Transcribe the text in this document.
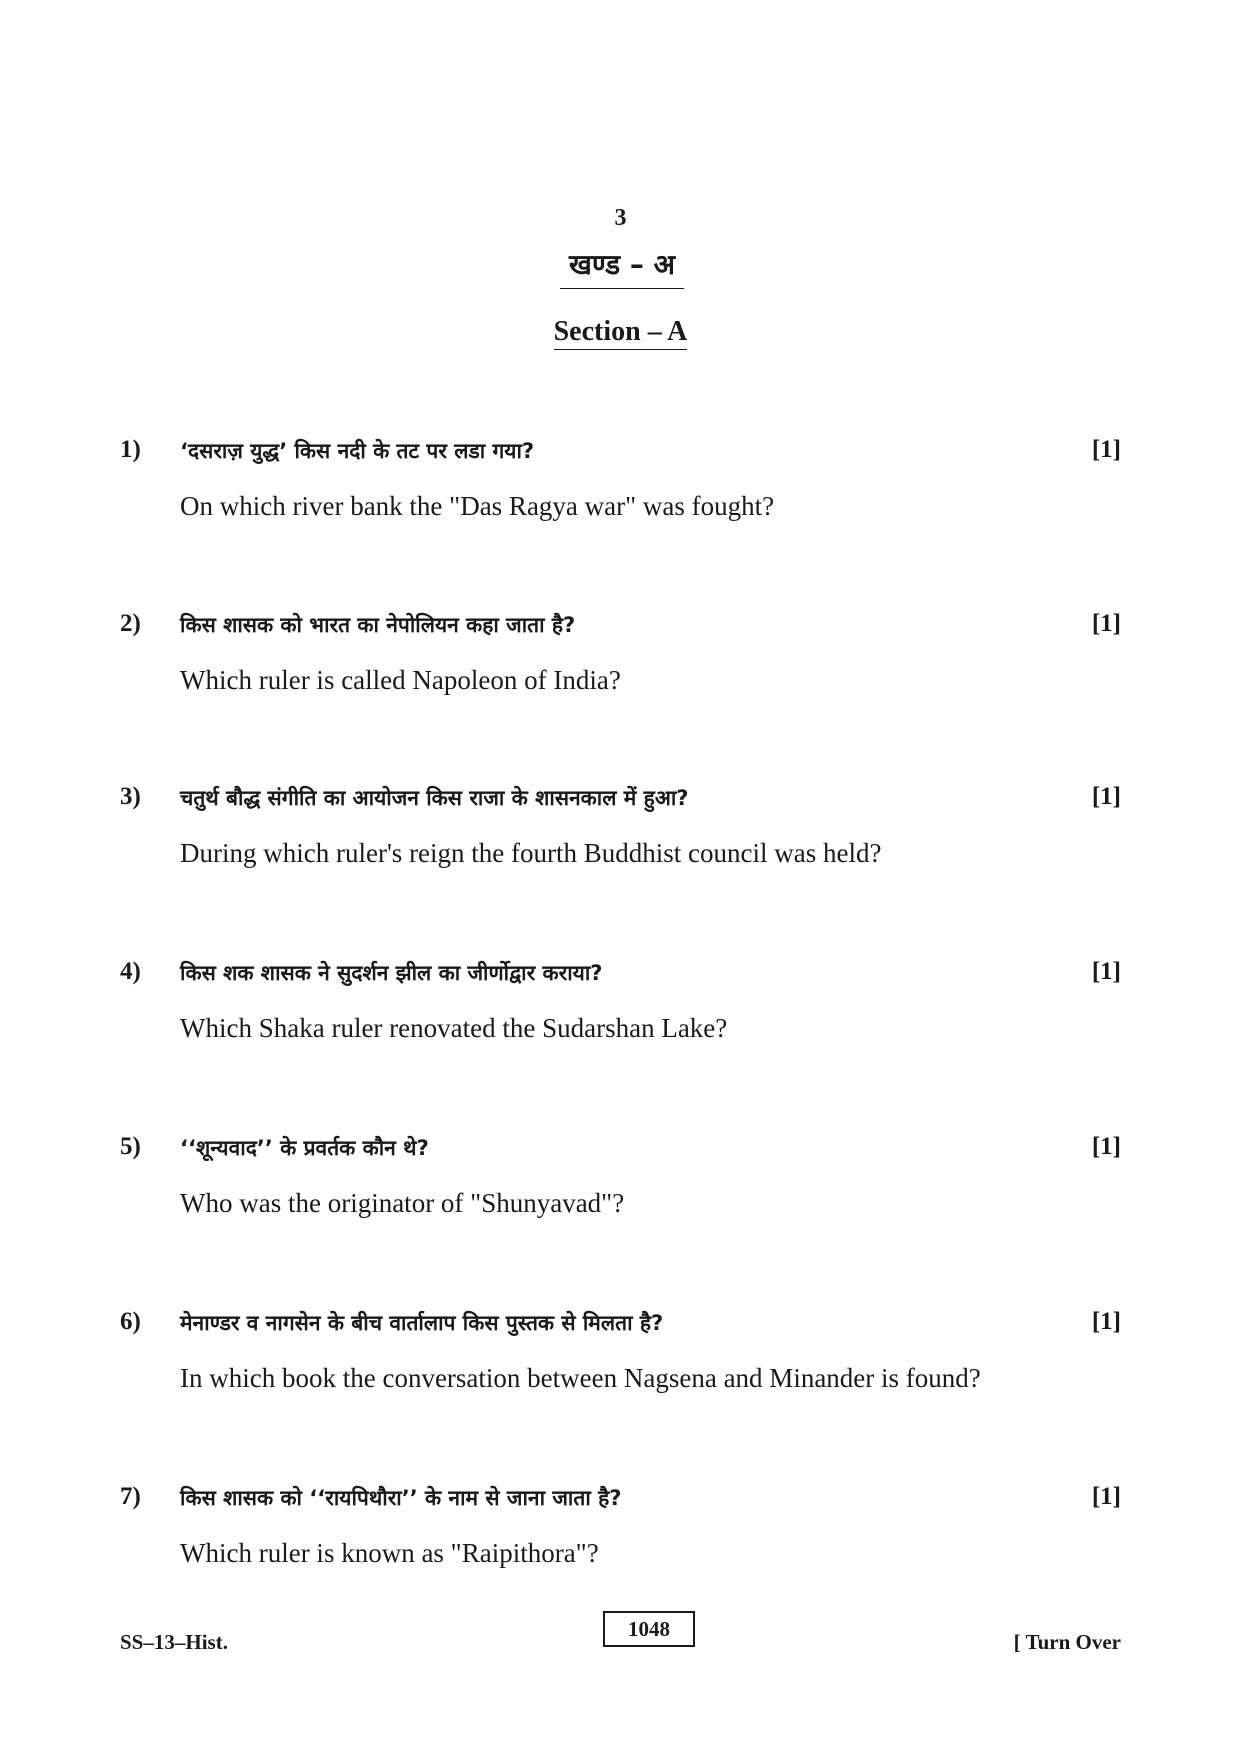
3
खण्ड – अ
Section – A
1) ‘दसराज़ युद्ध’ किस नदी के तट पर लडा गया?	[1]
On which river bank the "Das Ragya war" was fought?
2) किस शासक को भारत का नेपोलियन कहा जाता है?	[1]
Which ruler is called Napoleon of India?
3) चतुर्थ बौद्ध संगीति का आयोजन किस राजा के शासनकाल में हुआ?	[1]
During which ruler's reign the fourth Buddhist council was held?
4) किस शक शासक ने सुदर्शन झील का जीर्णोद्वार कराया?	[1]
Which Shaka ruler renovated the Sudarshan Lake?
5) ‘‘शून्यवाद’’ के प्रवर्तक कौन थे?	[1]
Who was the originator of "Shunyavad"?
6) मेनाण्डर व नागसेन के बीच वार्तालाप किस पुस्तक से मिलता है?	[1]
In which book the conversation between Nagsena and Minander is found?
7) किस शासक को ‘‘रायपिथौरा’’ के नाम से जाना जाता है?	[1]
Which ruler is known as "Raipithora"?
SS–13–Hist.
1048
[ Turn Over
